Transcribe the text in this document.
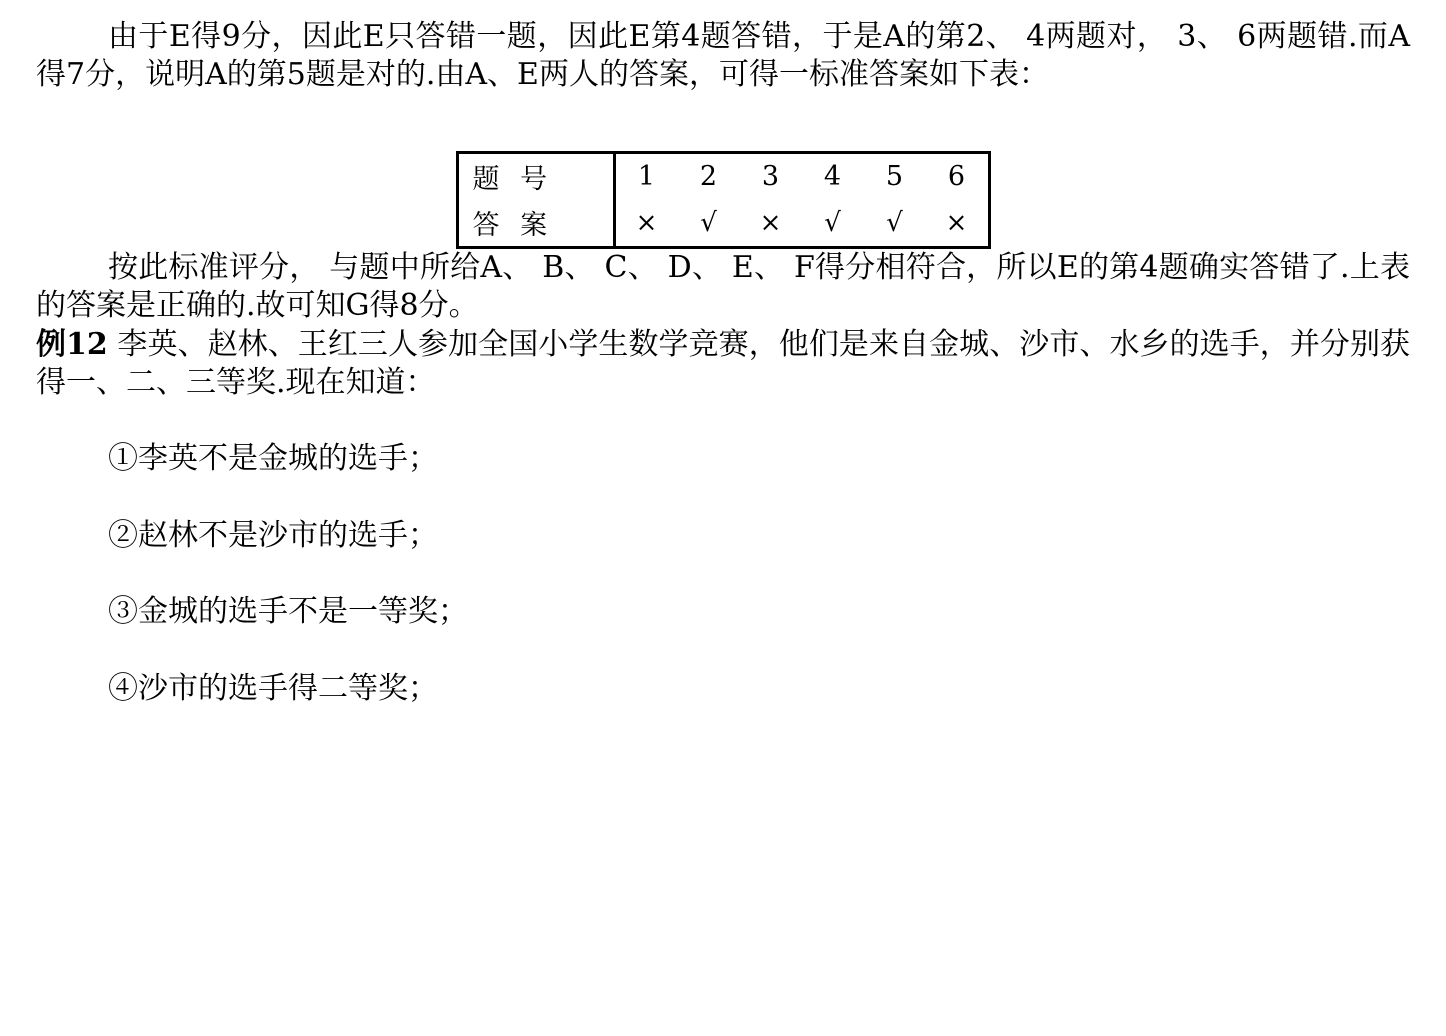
由于E得9分，因此E只答错一题，因此E第4题答错，于是A的第2、 4两题对， 3、 6两题错.而A得7分，说明A的第5题是对的.由A、E两人的答案，可得一标准答案如下表：

题 号	1	2	3	4	5	6
答 案	×	√	×	√	√	×

按此标准评分， 与题中所给A、 B、 C、 D、 E、 F得分相符合，所以E的第4题确实答错了.上表的答案是正确的.故可知G得8分。

例12 李英、赵林、王红三人参加全国小学生数学竞赛，他们是来自金城、沙市、水乡的选手，并分别获得一、二、三等奖.现在知道：

①李英不是金城的选手；

②赵林不是沙市的选手；

③金城的选手不是一等奖；

④沙市的选手得二等奖；
